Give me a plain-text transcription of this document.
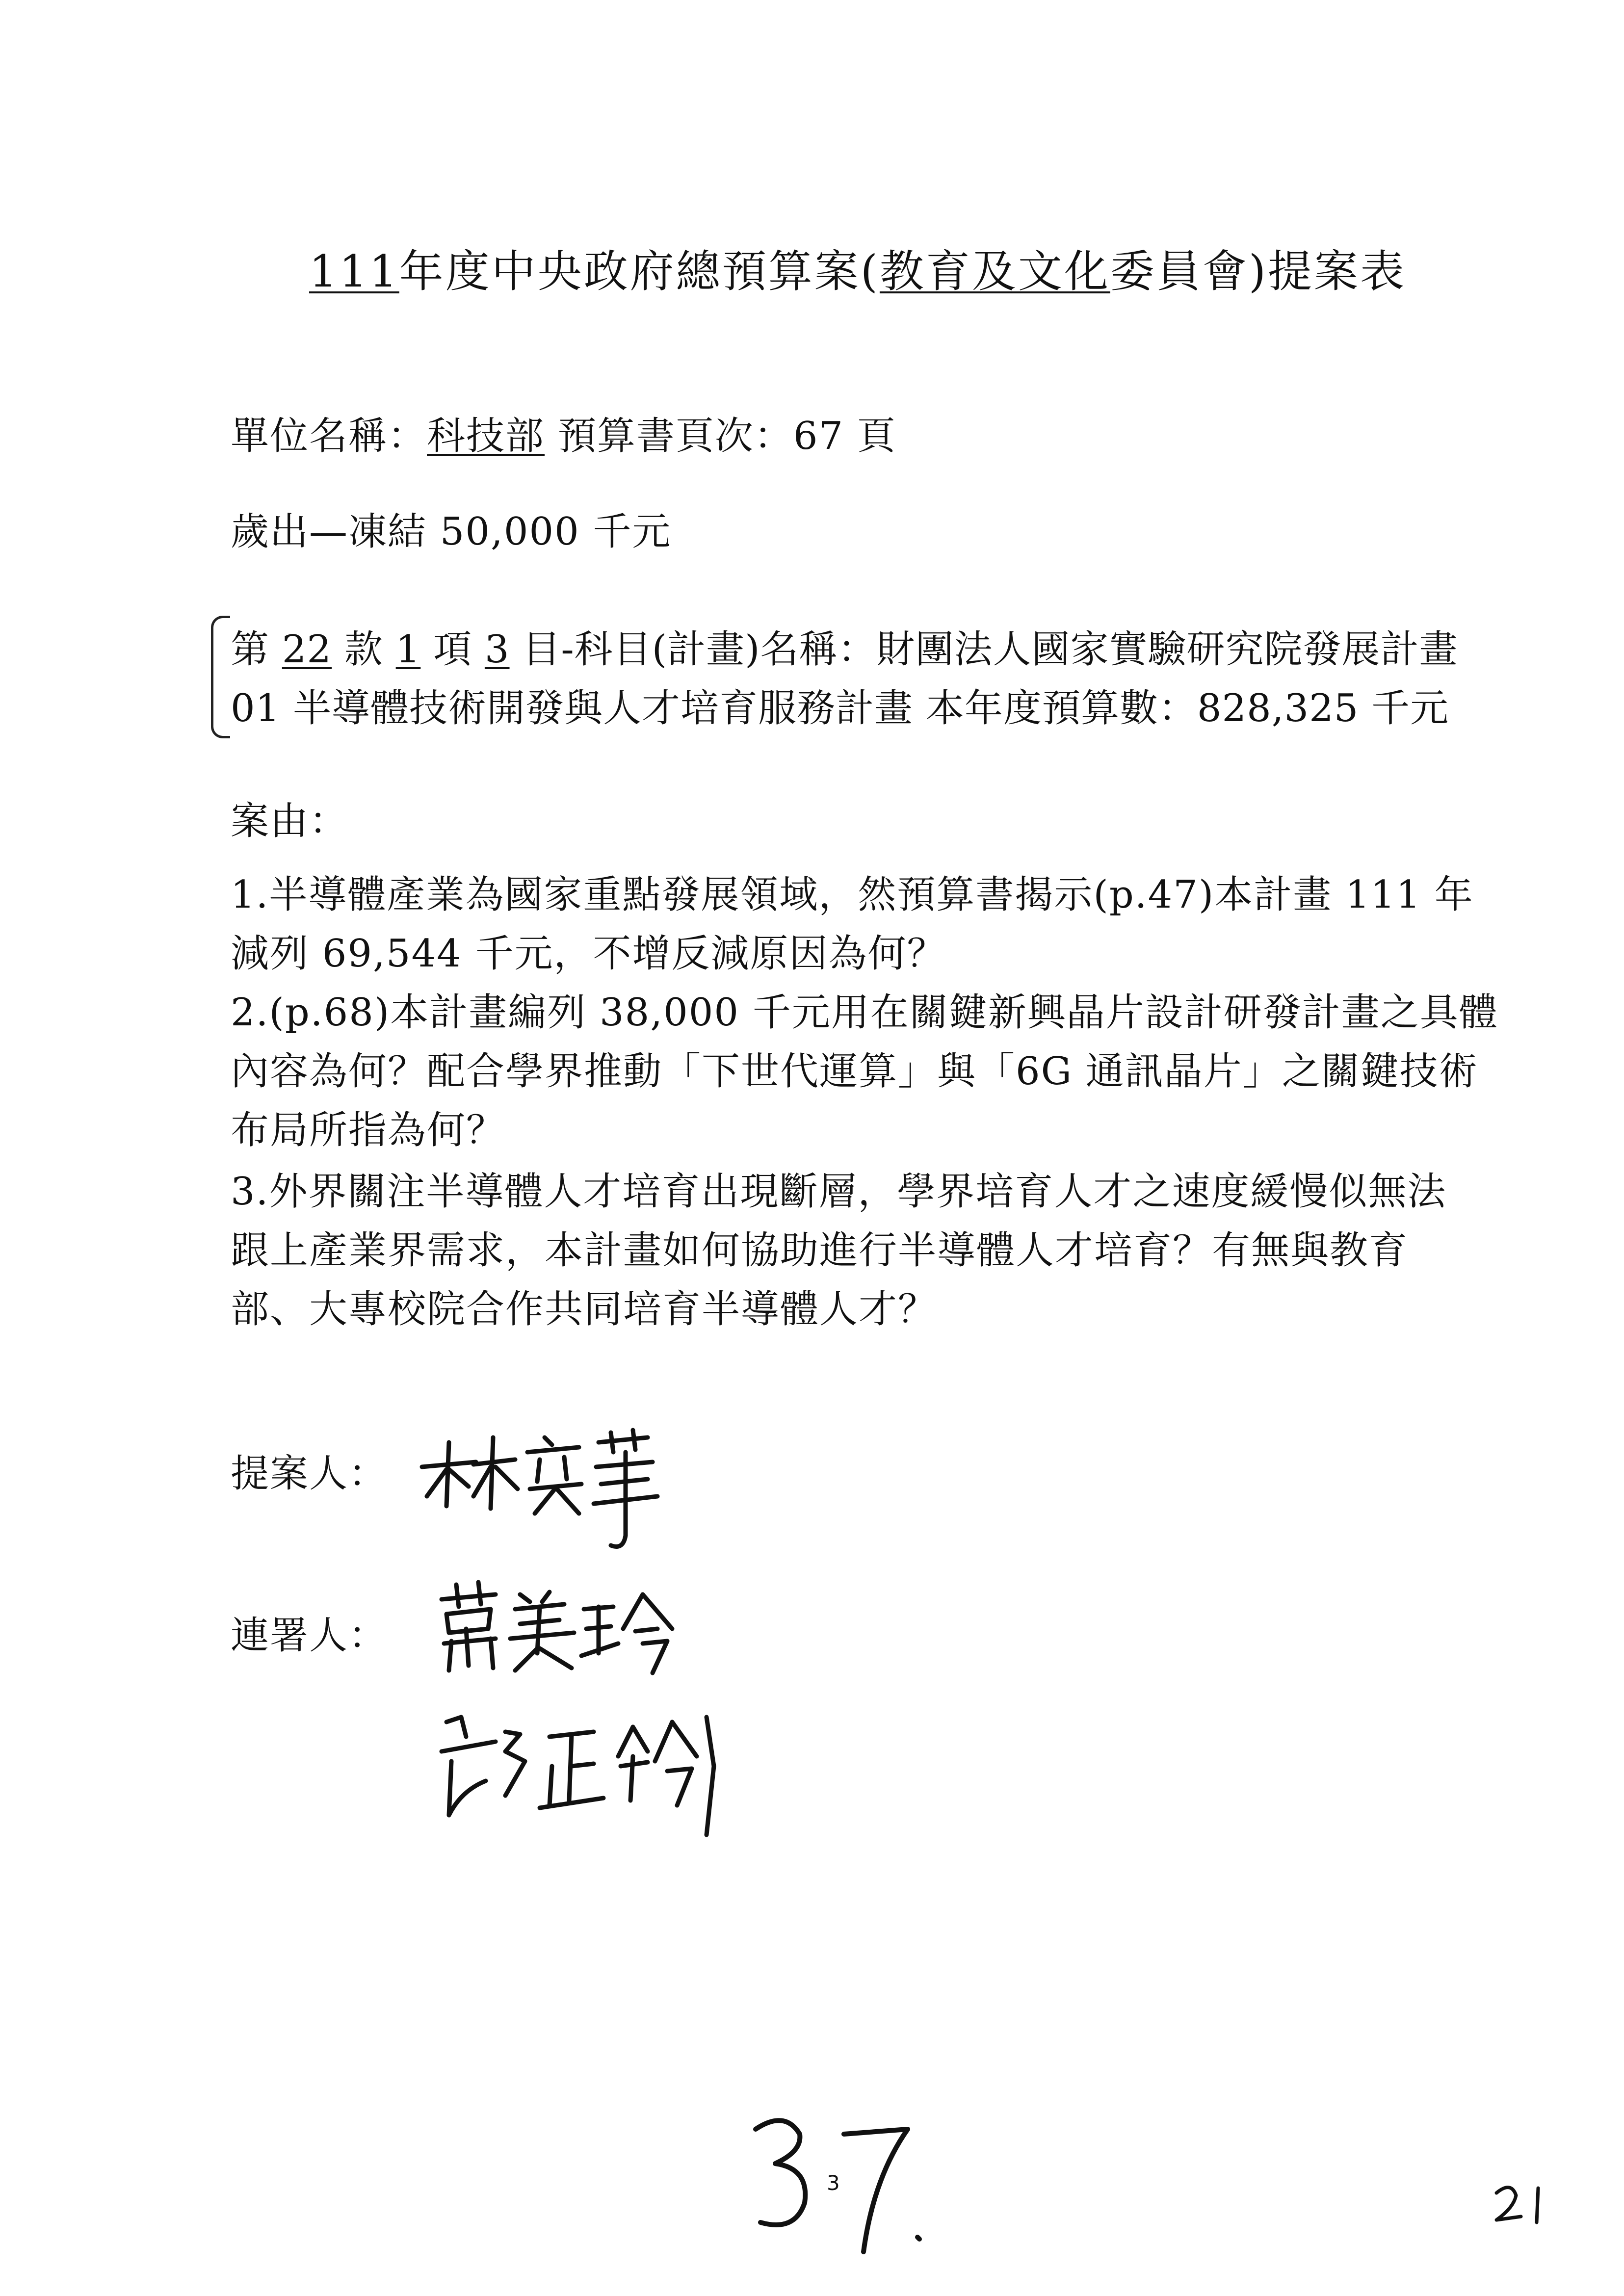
111年度中央政府總預算案(教育及文化委員會)提案表
單位名稱：科技部 預算書頁次：67 頁
歲出—凍結 50,000 千元
第 22 款 1 項 3 目-科目(計畫)名稱：財團法人國家實驗研究院發展計畫
01 半導體技術開發與人才培育服務計畫 本年度預算數：828,325 千元
案由：
1.半導體產業為國家重點發展領域，然預算書揭示(p.47)本計畫 111 年
減列 69,544 千元，不增反減原因為何？
2.(p.68)本計畫編列 38,000 千元用在關鍵新興晶片設計研發計畫之具體
內容為何？配合學界推動「下世代運算」與「6G 通訊晶片」之關鍵技術
布局所指為何？
3.外界關注半導體人才培育出現斷層，學界培育人才之速度緩慢似無法
跟上產業界需求，本計畫如何協助進行半導體人才培育？有無與教育
部、大專校院合作共同培育半導體人才？
提案人：
連署人：
3
